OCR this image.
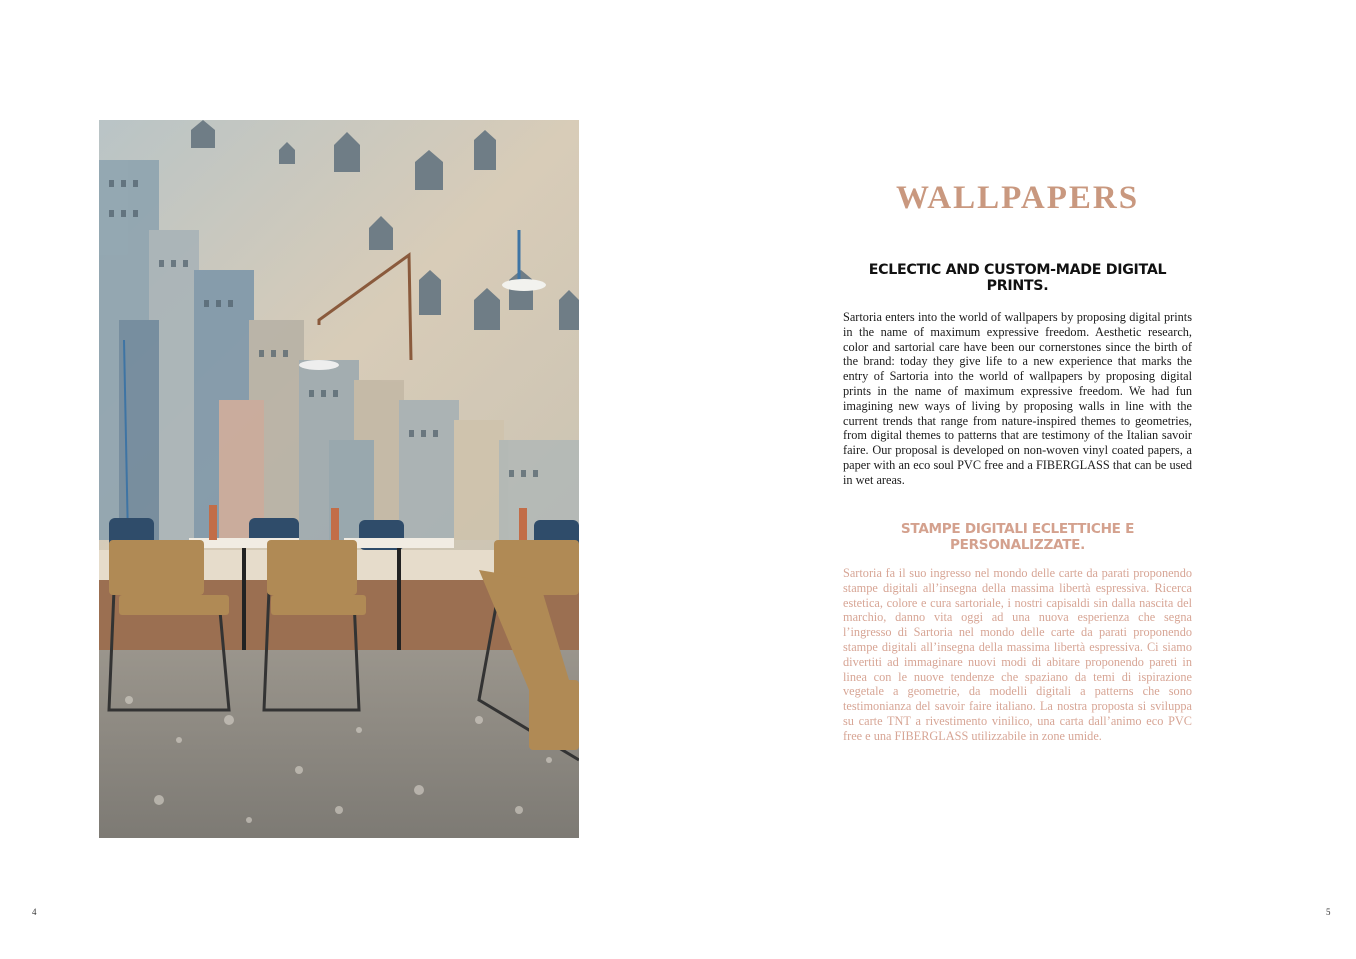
WALLPAPERS
ECLECTIC AND CUSTOM-MADE DIGITAL PRINTS.

Sartoria enters into the world of wallpapers by proposing digital prints in the name of maximum expressive freedom. Aesthetic research, color and sartorial care have been our cornerstones since the birth of the brand: today they give life to a new experience that marks the entry of Sartoria into the world of wallpapers by proposing digital prints in the name of maximum expressive freedom. We had fun imagining new ways of living by proposing walls in line with the current trends that range from nature-inspired themes to geometries, from digital themes to patterns that are testimony of the Italian savoir faire. Our proposal is developed on non-woven vinyl coated papers, a paper with an eco soul PVC free and a FIBERGLASS that can be used in wet areas.

STAMPE DIGITALI ECLETTICHE E PERSONALIZZATE.

Sartoria fa il suo ingresso nel mondo delle carte da parati proponendo stampe digitali all’insegna della massima libertà espressiva. Ricerca estetica, colore e cura sartoriale, i nostri capisaldi sin dalla nascita del marchio, danno vita oggi ad una nuova esperienza che segna l’ingresso di Sartoria nel mondo delle carte da parati proponendo stampe digitali all’insegna della massima libertà espressiva. Ci siamo divertiti ad immaginare nuovi modi di abitare proponendo pareti in linea con le nuove tendenze che spaziano da temi di ispirazione vegetale a geometrie, da modelli digitali a patterns che sono testimonianza del savoir faire italiano. La nostra proposta si sviluppa su carte TNT a rivestimento vinilico, una carta dall’animo eco PVC free e una FIBERGLASS utilizzabile in zone umide.

4	5
